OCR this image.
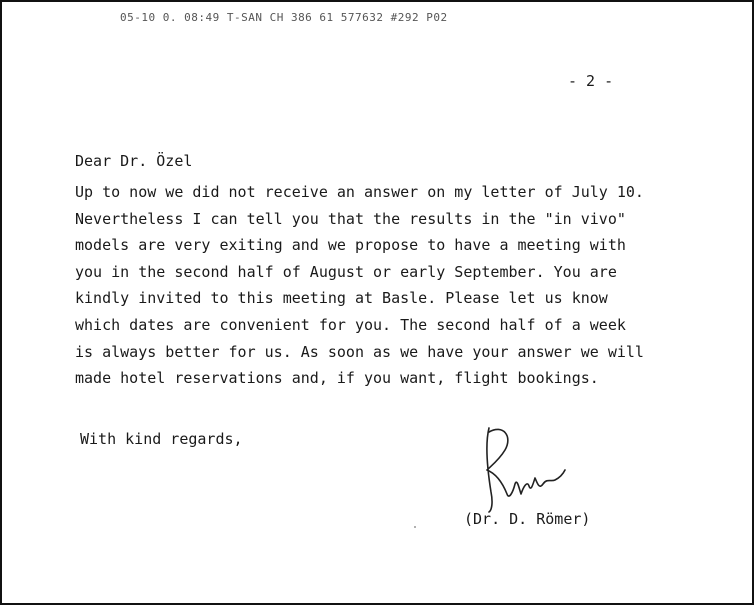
05-10 0. 08:49 T-SAN CH 386 61 577632 #292 P02
- 2 -
Dear Dr. Özel
Up to now we did not receive an answer on my letter of July 10.
Nevertheless I can tell you that the results in the "in vivo"
models are very exiting and we propose to have a meeting with
you in the second half of August or early September. You are
kindly invited to this meeting at Basle. Please let us know
which dates are convenient for you. The second half of a week
is always better for us. As soon as we have your answer we will
made hotel reservations and, if you want, flight bookings.
With kind regards,
(Dr. D. Römer)
